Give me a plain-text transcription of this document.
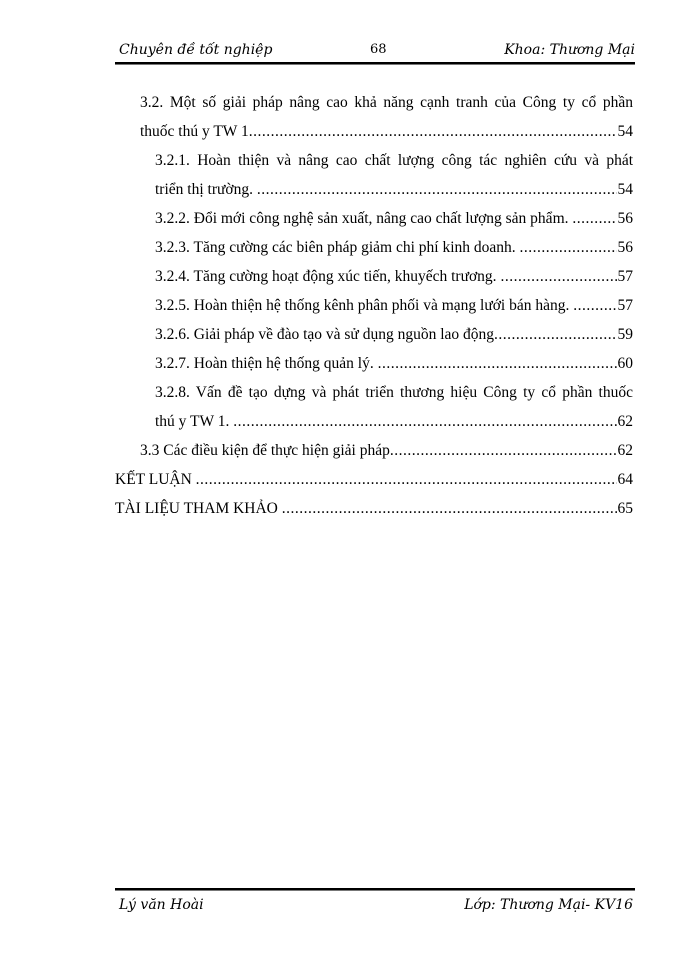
Chuyên đề tốt nghiệp	68	Khoa: Thương Mại
3.2. Một số giải pháp nâng cao khả năng cạnh tranh của Công ty cổ phần
thuốc thú y TW 1 .....	54
3.2.1. Hoàn thiện và nâng cao chất lượng công tác nghiên cứu và phát
triển thị trường. .....	54
3.2.2. Đổi mới công nghệ sản xuất, nâng cao chất lượng sản phẩm. .....	56
3.2.3. Tăng cường các biên pháp giảm chi phí kinh doanh. .....	56
3.2.4. Tăng cường hoạt động xúc tiến, khuyếch trương. .....	57
3.2.5. Hoàn thiện hệ thống kênh phân phối và mạng lưới bán hàng. .....	57
3.2.6. Giải pháp về đào tạo và sử dụng nguồn lao động .....	59
3.2.7. Hoàn thiện hệ thống quản lý. .....	60
3.2.8. Vấn đề tạo dựng và phát triển thương hiệu Công ty cổ phần thuốc
thú y TW 1. .....	62
3.3 Các điều kiện để thực hiện giải pháp .....	62
KẾT LUẬN .....	64
TÀI LIỆU THAM KHẢO .....	65
Lý văn Hoài	Lớp: Thương Mại- KV16
